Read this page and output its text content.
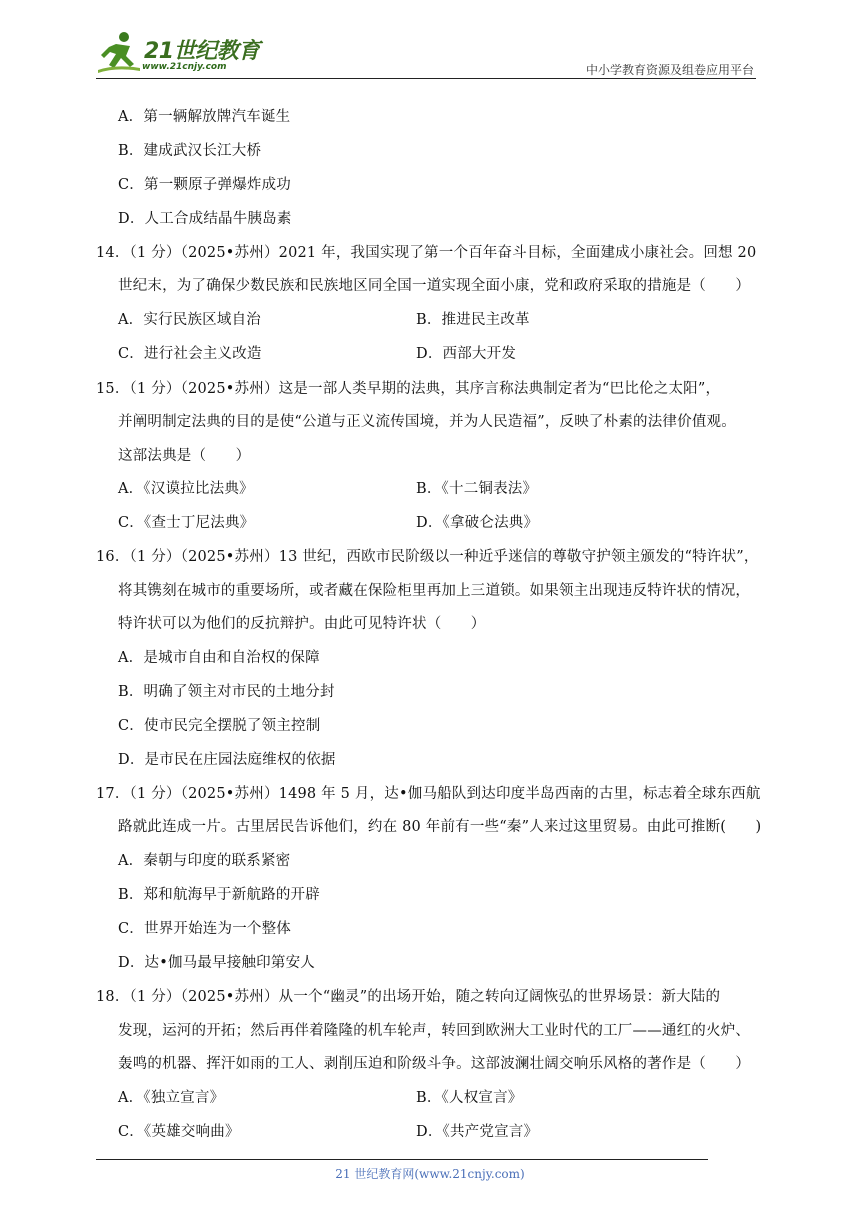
21世纪教育
www.21cnjy.com	中小学教育资源及组卷应用平台
A．第一辆解放牌汽车诞生
B．建成武汉长江大桥
C．第一颗原子弹爆炸成功
D．人工合成结晶牛胰岛素
14．（1 分）（2025•苏州）2021 年，我国实现了第一个百年奋斗目标，全面建成小康社会。回想 20
世纪末，为了确保少数民族和民族地区同全国一道实现全面小康，党和政府采取的措施是（　　）
A．实行民族区域自治	B．推进民主改革
C．进行社会主义改造	D．西部大开发
15．（1 分）（2025•苏州）这是一部人类早期的法典，其序言称法典制定者为“巴比伦之太阳”，
并阐明制定法典的目的是使“公道与正义流传国境，并为人民造福”，反映了朴素的法律价值观。
这部法典是（　　）
A．《汉谟拉比法典》	B．《十二铜表法》
C．《查士丁尼法典》	D．《拿破仑法典》
16．（1 分）（2025•苏州）13 世纪，西欧市民阶级以一种近乎迷信的尊敬守护领主颁发的“特许状”，
将其镌刻在城市的重要场所，或者藏在保险柜里再加上三道锁。如果领主出现违反特许状的情况，
特许状可以为他们的反抗辩护。由此可见特许状（　　）
A．是城市自由和自治权的保障
B．明确了领主对市民的土地分封
C．使市民完全摆脱了领主控制
D．是市民在庄园法庭维权的依据
17．（1 分）（2025•苏州）1498 年 5 月，达•伽马船队到达印度半岛西南的古里，标志着全球东西航
路就此连成一片。古里居民告诉他们，约在 80 年前有一些“秦”人来过这里贸易。由此可推断(　　)
A．秦朝与印度的联系紧密
B．郑和航海早于新航路的开辟
C．世界开始连为一个整体
D．达•伽马最早接触印第安人
18．（1 分）（2025•苏州）从一个“幽灵”的出场开始，随之转向辽阔恢弘的世界场景：新大陆的
发现，运河的开拓；然后再伴着隆隆的机车轮声，转回到欧洲大工业时代的工厂——通红的火炉、
轰鸣的机器、挥汗如雨的工人、剥削压迫和阶级斗争。这部波澜壮阔交响乐风格的著作是（　　）
A．《独立宣言》	B．《人权宣言》
C．《英雄交响曲》	D．《共产党宣言》
21 世纪教育网(www.21cnjy.com)
